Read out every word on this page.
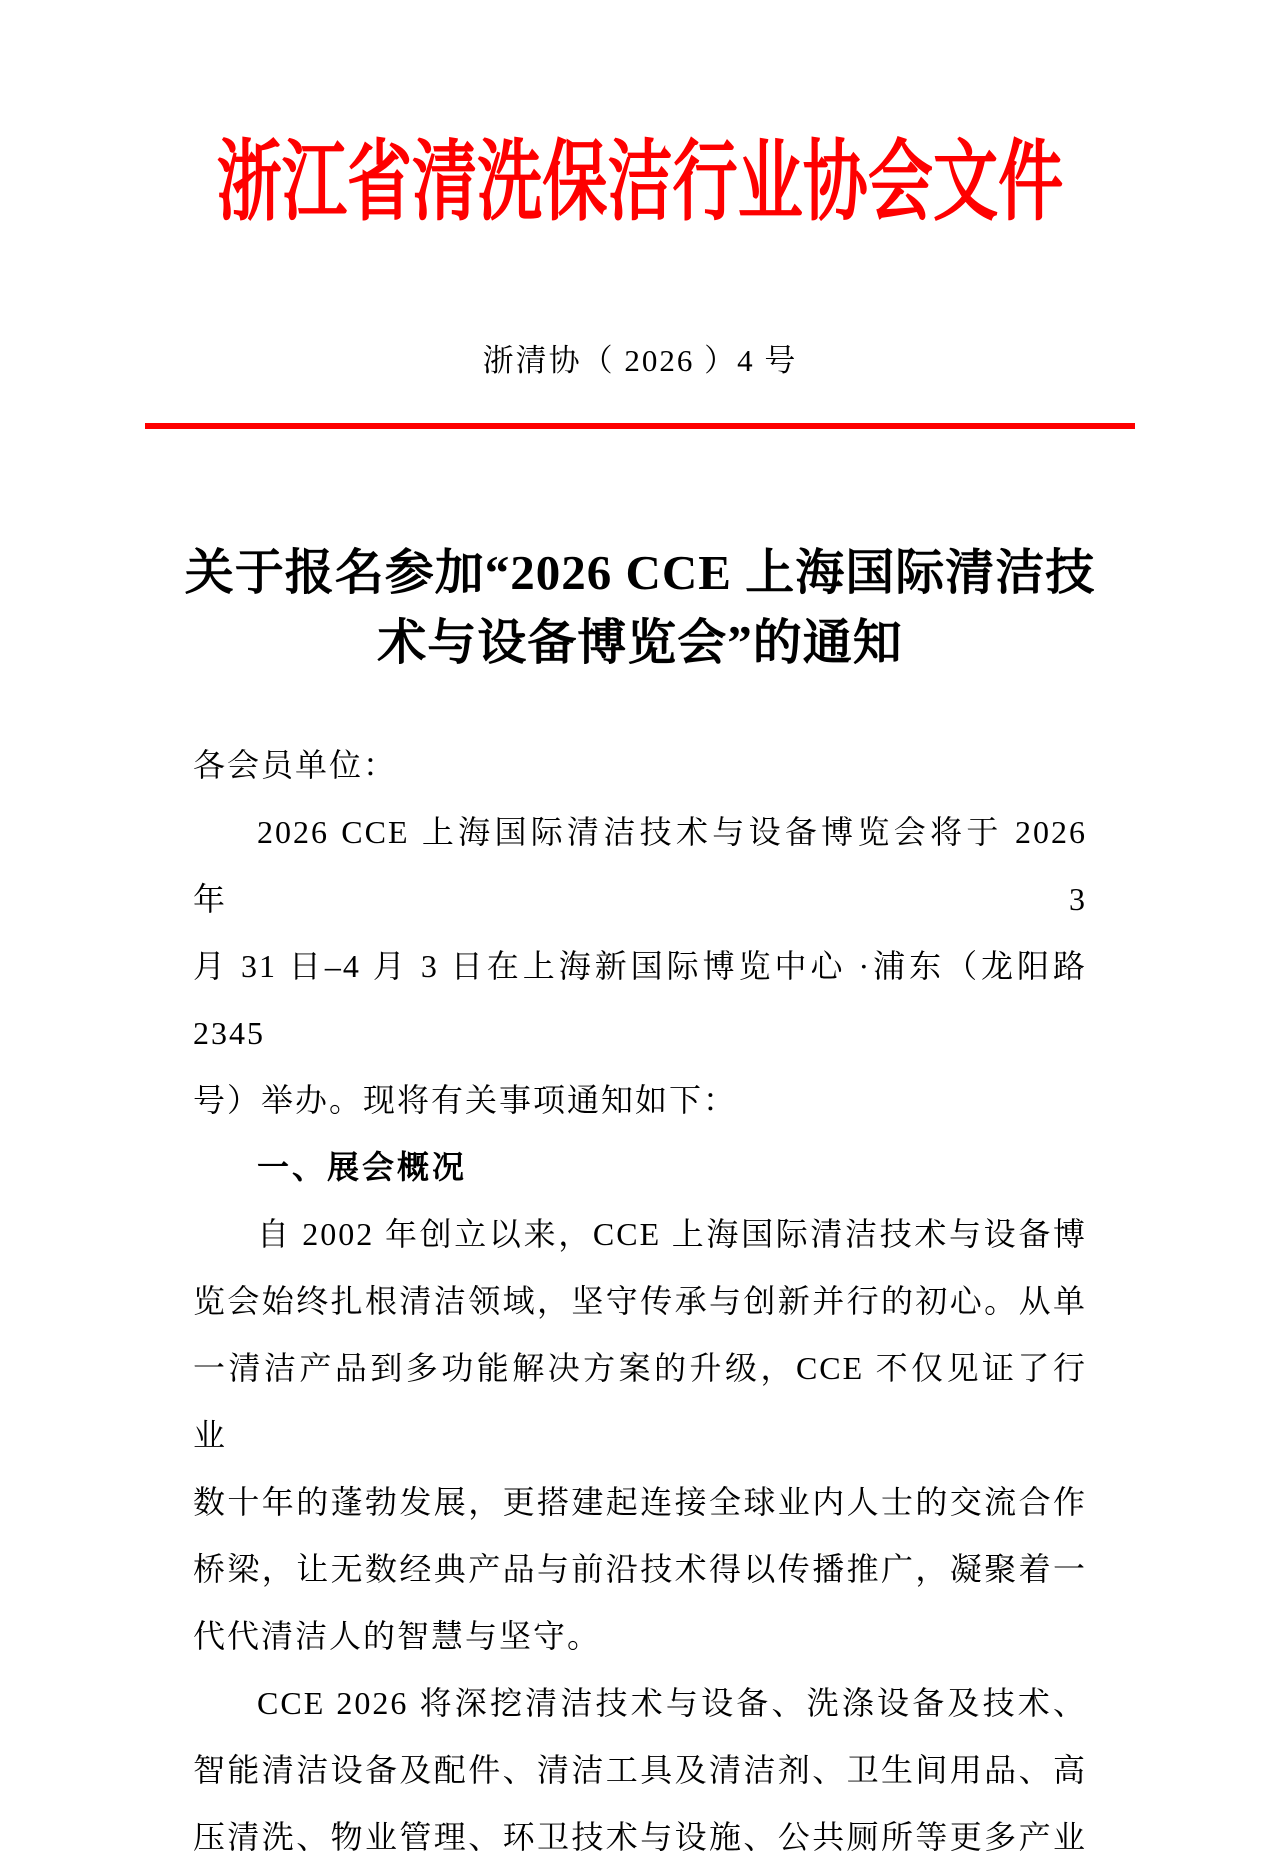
浙江省清洗保洁行业协会文件
浙清协（ 2026 ）4 号
关于报名参加“2026 CCE 上海国际清洁技
术与设备博览会”的通知
各会员单位：
2026 CCE 上海国际清洁技术与设备博览会将于 2026 年 3
月 31 日–4 月 3 日在上海新国际博览中心 ·浦东（龙阳路 2345
号）举办。现将有关事项通知如下：
一、展会概况
自 2002 年创立以来，CCE 上海国际清洁技术与设备博
览会始终扎根清洁领域，坚守传承与创新并行的初心。从单
一清洁产品到多功能解决方案的升级，CCE 不仅见证了行业
数十年的蓬勃发展，更搭建起连接全球业内人士的交流合作
桥梁，让无数经典产品与前沿技术得以传播推广，凝聚着一
代代清洁人的智慧与坚守。
CCE 2026 将深挖清洁技术与设备、洗涤设备及技术、
智能清洁设备及配件、清洁工具及清洁剂、卫生间用品、高
压清洗、物业管理、环卫技术与设施、公共厕所等更多产业
